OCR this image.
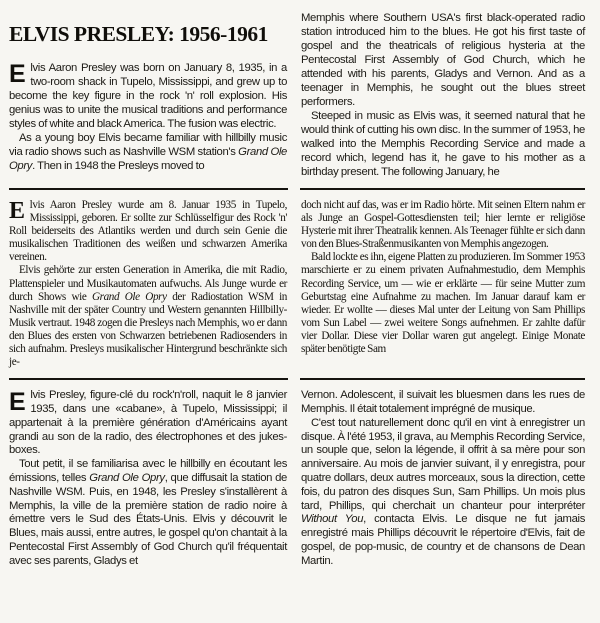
ELVIS PRESLEY: 1956-1961

Elvis Aaron Presley was born on January 8, 1935, in a two-room shack in Tupelo, Mississippi, and grew up to become the key figure in the rock 'n' roll explosion. His genius was to unite the musical traditions and performance styles of white and black America. The fusion was electric.

As a young boy Elvis became familiar with hillbilly music via radio shows such as Nashville WSM station's Grand Ole Opry. Then in 1948 the Presleys moved to

Memphis where Southern USA's first black-operated radio station introduced him to the blues. He got his first taste of gospel and the theatricals of religious hysteria at the Pentecostal First Assembly of God Church, which he attended with his parents, Gladys and Vernon. And as a teenager in Memphis, he sought out the blues street performers.

Steeped in music as Elvis was, it seemed natural that he would think of cutting his own disc. In the summer of 1953, he walked into the Memphis Recording Service and made a record which, legend has it, he gave to his mother as a birthday present. The following January, he

Elvis Aaron Presley wurde am 8. Januar 1935 in Tupelo, Mississippi, geboren. Er sollte zur Schlüsselfigur des Rock 'n' Roll beiderseits des Atlantiks werden und durch sein Genie die musikalischen Traditionen des weißen und schwarzen Amerika vereinen.

Elvis gehörte zur ersten Generation in Amerika, die mit Radio, Plattenspieler und Musikautomaten aufwuchs. Als Junge wurde er durch Shows wie Grand Ole Opry der Radiostation WSM in Nashville mit der später Country und Western genannten Hillbilly-Musik vertraut. 1948 zogen die Presleys nach Memphis, wo er dann den Blues des ersten von Schwarzen betriebenen Radiosenders in sich aufnahm. Presleys musikalischer Hintergrund beschränkte sich je-

doch nicht auf das, was er im Radio hörte. Mit seinen Eltern nahm er als Junge an Gospel-Gottesdiensten teil; hier lernte er religiöse Hysterie mit ihrer Theatralik kennen. Als Teenager fühlte er sich dann von den Blues-Straßenmusikanten von Memphis angezogen.

Bald lockte es ihn, eigene Platten zu produzieren. Im Sommer 1953 marschierte er zu einem privaten Aufnahmestudio, dem Memphis Recording Service, um — wie er erklärte — für seine Mutter zum Geburtstag eine Aufnahme zu machen. Im Januar darauf kam er wieder. Er wollte — dieses Mal unter der Leitung von Sam Phillips vom Sun Label — zwei weitere Songs aufnehmen. Er zahlte dafür vier Dollar. Diese vier Dollar waren gut angelegt. Einige Monate später benötigte Sam

Elvis Presley, figure-clé du rock'n'roll, naquit le 8 janvier 1935, dans une «cabane», à Tupelo, Mississippi; il appartenait à la première génération d'Américains ayant grandi au son de la radio, des électrophones et des jukes-boxes.

Tout petit, il se familiarisa avec le hillbilly en écoutant les émissions, telles Grand Ole Opry, que diffusait la station de Nashville WSM. Puis, en 1948, les Presley s'installèrent à Memphis, la ville de la première station de radio noire à émettre vers le Sud des États-Unis. Elvis y découvrit le Blues, mais aussi, entre autres, le gospel qu'on chantait à la Pentecostal First Assembly of God Church qu'il fréquentait avec ses parents, Gladys et

Vernon. Adolescent, il suivait les bluesmen dans les rues de Memphis. Il était totalement imprégné de musique.

C'est tout naturellement donc qu'il en vint à enregistrer un disque. À l'été 1953, il grava, au Memphis Recording Service, un souple que, selon la légende, il offrit à sa mère pour son anniversaire. Au mois de janvier suivant, il y enregistra, pour quatre dollars, deux autres morceaux, sous la direction, cette fois, du patron des disques Sun, Sam Phillips. Un mois plus tard, Phillips, qui cherchait un chanteur pour interpréter Without You, contacta Elvis. Le disque ne fut jamais enregistré mais Phillips découvrit le répertoire d'Elvis, fait de gospel, de pop-music, de country et de chansons de Dean Martin.
